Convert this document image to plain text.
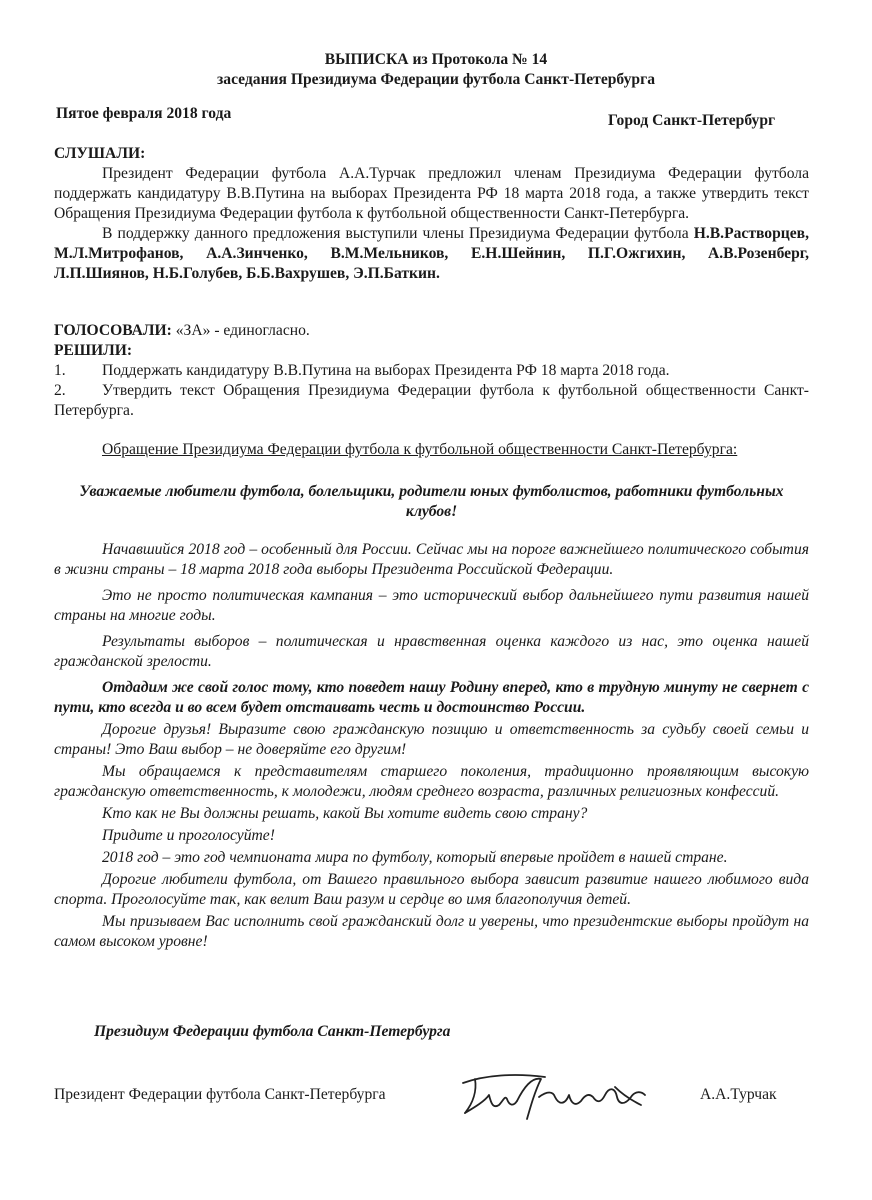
ВЫПИСКА из Протокола № 14
заседания Президиума Федерации футбола Санкт-Петербурга
Пятое февраля 2018 года	Город Санкт-Петербург
СЛУШАЛИ:
Президент Федерации футбола А.А.Турчак предложил членам Президиума Федерации футбола поддержать кандидатуру В.В.Путина на выборах Президента РФ 18 марта 2018 года, а также утвердить текст Обращения Президиума Федерации футбола к футбольной общественности Санкт-Петербурга.
В поддержку данного предложения выступили члены Президиума Федерации футбола Н.В.Растворцев, М.Л.Митрофанов, А.А.Зинченко, В.М.Мельников, Е.Н.Шейнин, П.Г.Ожгихин, А.В.Розенберг, Л.П.Шиянов, Н.Б.Голубев, Б.Б.Вахрушев, Э.П.Баткин.
ГОЛОСОВАЛИ: «ЗА» - единогласно.
РЕШИЛИ:
1. Поддержать кандидатуру В.В.Путина на выборах Президента РФ 18 марта 2018 года.
2. Утвердить текст Обращения Президиума Федерации футбола к футбольной общественности Санкт-Петербурга.
Обращение Президиума Федерации футбола к футбольной общественности Санкт-Петербурга:
Уважаемые любители футбола, болельщики, родители юных футболистов, работники футбольных клубов!

Начавшийся 2018 год – особенный для России. Сейчас мы на пороге важнейшего политического события в жизни страны – 18 марта 2018 года выборы Президента Российской Федерации.

Это не просто политическая кампания – это исторический выбор дальнейшего пути развития нашей страны на многие годы.

Результаты выборов – политическая и нравственная оценка каждого из нас, это оценка нашей гражданской зрелости.

Отдадим же свой голос тому, кто поведет нашу Родину вперед, кто в трудную минуту не свернет с пути, кто всегда и во всем будет отстаивать честь и достоинство России.

Дорогие друзья! Выразите свою гражданскую позицию и ответственность за судьбу своей семьи и страны! Это Ваш выбор – не доверяйте его другим!

Мы обращаемся к представителям старшего поколения, традиционно проявляющим высокую гражданскую ответственность, к молодежи, людям среднего возраста, различных религиозных конфессий.

Кто как не Вы должны решать, какой Вы хотите видеть свою страну?

Придите и проголосуйте!

2018 год – это год чемпионата мира по футболу, который впервые пройдет в нашей стране.

Дорогие любители футбола, от Вашего правильного выбора зависит развитие нашего любимого вида спорта. Проголосуйте так, как велит Ваш разум и сердце во имя благополучия детей.

Мы призываем Вас исполнить свой гражданский долг и уверены, что президентские выборы пройдут на самом высоком уровне!

Президиум Федерации футбола Санкт-Петербурга
Президент Федерации футбола Санкт-Петербурга	А.А.Турчак
